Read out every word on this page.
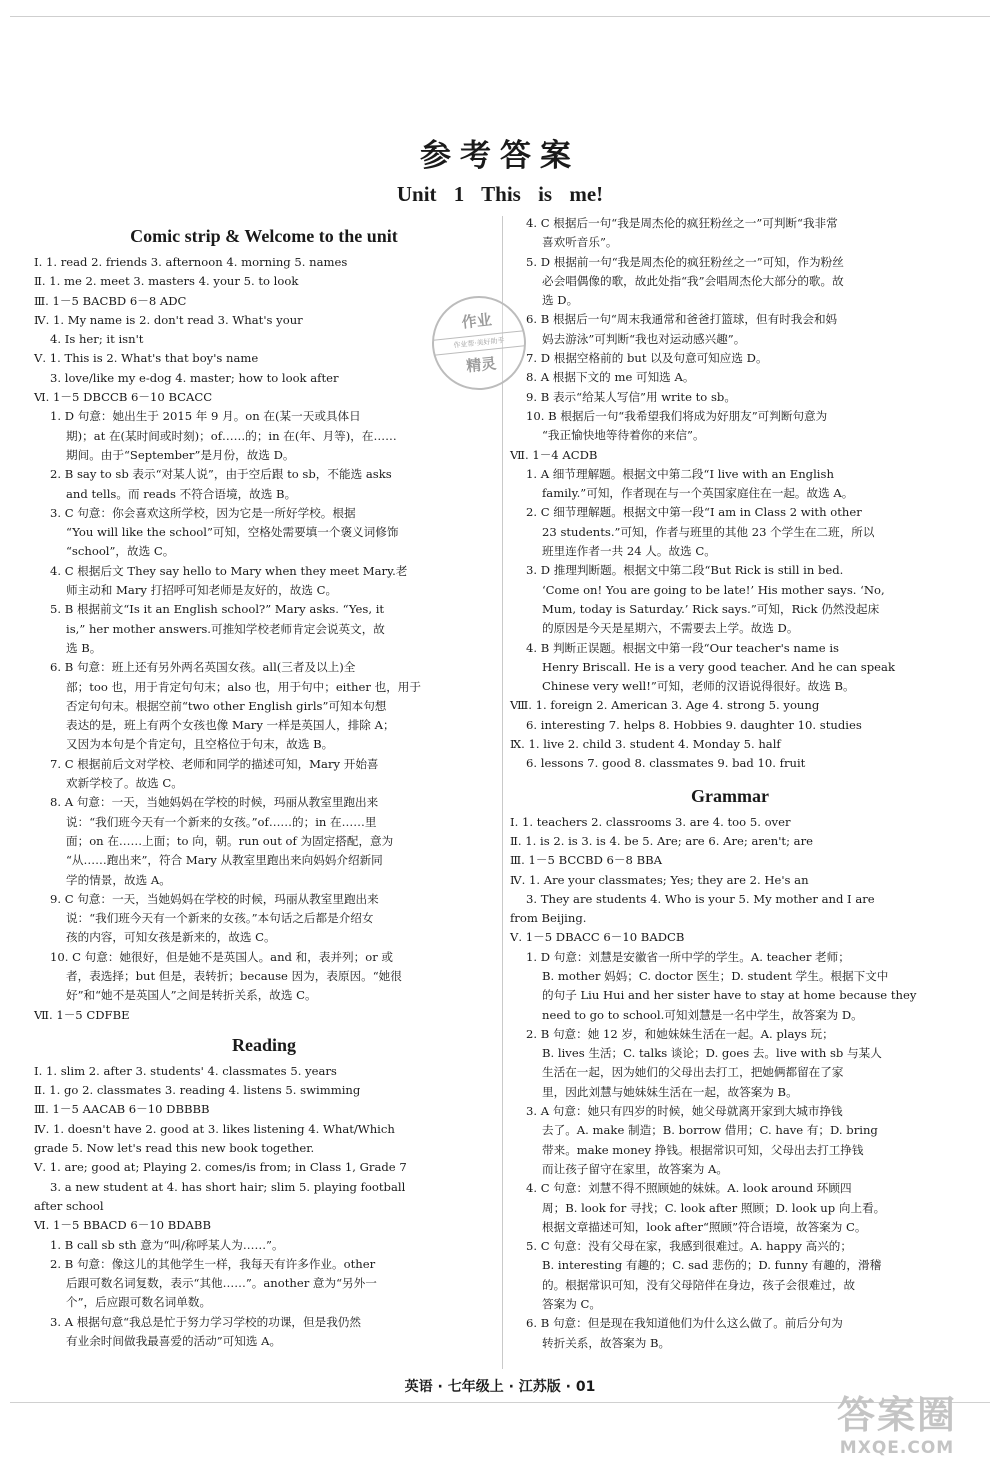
参考答案
Unit 1 This is me!
Comic strip & Welcome to the unit
Ⅰ. 1. read 2. friends 3. afternoon 4. morning 5. names
Ⅱ. 1. me 2. meet 3. masters 4. your 5. to look
Ⅲ. 1－5 BACBD 6－8 ADC
Ⅳ. 1. My name is 2. don't read 3. What's your
4. Is her; it isn't
Ⅴ. 1. This is 2. What's that boy's name
3. love/like my e-dog 4. master; how to look after
Ⅵ. 1－5 DBCCB 6－10 BCACC
1. D 句意：她出生于 2015 年 9 月。on 在(某一天或具体日
期)；at 在(某时间或时刻)；of……的；in 在(年、月等)，在……
期间。由于“September”是月份，故选 D。
2. B say to sb 表示“对某人说”，由于空后跟 to sb，不能选 asks
and tells。而 reads 不符合语境，故选 B。
3. C 句意：你会喜欢这所学校，因为它是一所好学校。根据
“You will like the school”可知，空格处需要填一个褒义词修饰
“school”，故选 C。
4. C 根据后文 They say hello to Mary when they meet Mary.老
师主动和 Mary 打招呼可知老师是友好的，故选 C。
5. B 根据前文“Is it an English school?” Mary asks. “Yes, it
is,” her mother answers.可推知学校老师肯定会说英文，故
选 B。
6. B 句意：班上还有另外两名英国女孩。all(三者及以上)全
部；too 也，用于肯定句句末；also 也，用于句中；either 也，用于
否定句句末。根据空前“two other English girls”可知本句想
表达的是，班上有两个女孩也像 Mary 一样是英国人，排除 A；
又因为本句是个肯定句，且空格位于句末，故选 B。
7. C 根据前后文对学校、老师和同学的描述可知，Mary 开始喜
欢新学校了。故选 C。
8. A 句意：一天，当她妈妈在学校的时候，玛丽从教室里跑出来
说：“我们班今天有一个新来的女孩。”of……的；in 在……里
面；on 在……上面；to 向，朝。run out of 为固定搭配，意为
“从……跑出来”，符合 Mary 从教室里跑出来向妈妈介绍新同
学的情景，故选 A。
9. C 句意：一天，当她妈妈在学校的时候，玛丽从教室里跑出来
说：“我们班今天有一个新来的女孩。”本句话之后都是介绍女
孩的内容，可知女孩是新来的，故选 C。
10. C 句意：她很好，但是她不是英国人。and 和，表并列；or 或
者，表选择；but 但是，表转折；because 因为，表原因。“她很
好”和“她不是英国人”之间是转折关系，故选 C。
Ⅶ. 1－5 CDFBE
Reading
Ⅰ. 1. slim 2. after 3. students' 4. classmates 5. years
Ⅱ. 1. go 2. classmates 3. reading 4. listens 5. swimming
Ⅲ. 1－5 AACAB 6－10 DBBBB
Ⅳ. 1. doesn't have 2. good at 3. likes listening 4. What/Which
grade 5. Now let's read this new book together.
Ⅴ. 1. are; good at; Playing 2. comes/is from; in Class 1, Grade 7
3. a new student at 4. has short hair; slim 5. playing football
after school
Ⅵ. 1－5 BBACD 6－10 BDABB
1. B call sb sth 意为“叫/称呼某人为……”。
2. B 句意：像这儿的其他学生一样，我每天有许多作业。other
后跟可数名词复数，表示“其他……”。another 意为“另外一
个”，后应跟可数名词单数。
3. A 根据句意“我总是忙于努力学习学校的功课，但是我仍然
有业余时间做我最喜爱的活动”可知选 A。
4. C 根据后一句“我是周杰伦的疯狂粉丝之一”可判断“我非常
喜欢听音乐”。
5. D 根据前一句“我是周杰伦的疯狂粉丝之一”可知，作为粉丝
必会唱偶像的歌，故此处指“我”会唱周杰伦大部分的歌。故
选 D。
6. B 根据后一句“周末我通常和爸爸打篮球，但有时我会和妈
妈去游泳”可判断“我也对运动感兴趣”。
7. D 根据空格前的 but 以及句意可知应选 D。
8. A 根据下文的 me 可知选 A。
9. B 表示“给某人写信”用 write to sb。
10. B 根据后一句“我希望我们将成为好朋友”可判断句意为
“我正愉快地等待着你的来信”。
Ⅶ. 1－4 ACDB
1. A 细节理解题。根据文中第二段“I live with an English
family.”可知，作者现在与一个英国家庭住在一起。故选 A。
2. C 细节理解题。根据文中第一段“I am in Class 2 with other
23 students.”可知，作者与班里的其他 23 个学生在二班，所以
班里连作者一共 24 人。故选 C。
3. D 推理判断题。根据文中第二段“But Rick is still in bed.
‘Come on! You are going to be late!’ His mother says. ‘No,
Mum, today is Saturday.’ Rick says.”可知，Rick 仍然没起床
的原因是今天是星期六，不需要去上学。故选 D。
4. B 判断正误题。根据文中第一段“Our teacher's name is
Henry Briscall. He is a very good teacher. And he can speak
Chinese very well!”可知，老师的汉语说得很好。故选 B。
Ⅷ. 1. foreign 2. American 3. Age 4. strong 5. young
6. interesting 7. helps 8. Hobbies 9. daughter 10. studies
Ⅸ. 1. live 2. child 3. student 4. Monday 5. half
6. lessons 7. good 8. classmates 9. bad 10. fruit
Grammar
Ⅰ. 1. teachers 2. classrooms 3. are 4. too 5. over
Ⅱ. 1. is 2. is 3. is 4. be 5. Are; are 6. Are; aren't; are
Ⅲ. 1－5 BCCBD 6－8 BBA
Ⅳ. 1. Are your classmates; Yes; they are 2. He's an
3. They are students 4. Who is your 5. My mother and I are
from Beijing.
Ⅴ. 1－5 DBACC 6－10 BADCB
1. D 句意：刘慧是安徽省一所中学的学生。A. teacher 老师；
B. mother 妈妈；C. doctor 医生；D. student 学生。根据下文中
的句子 Liu Hui and her sister have to stay at home because they
need to go to school.可知刘慧是一名中学生，故答案为 D。
2. B 句意：她 12 岁，和她妹妹生活在一起。A. plays 玩；
B. lives 生活；C. talks 谈论；D. goes 去。live with sb 与某人
生活在一起，因为她们的父母出去打工，把她俩都留在了家
里，因此刘慧与她妹妹生活在一起，故答案为 B。
3. A 句意：她只有四岁的时候，她父母就离开家到大城市挣钱
去了。A. make 制造；B. borrow 借用；C. have 有；D. bring
带来。make money 挣钱。根据常识可知，父母出去打工挣钱
而让孩子留守在家里，故答案为 A。
4. C 句意：刘慧不得不照顾她的妹妹。A. look around 环顾四
周；B. look for 寻找；C. look after 照顾；D. look up 向上看。
根据文章描述可知，look after“照顾”符合语境，故答案为 C。
5. C 句意：没有父母在家，我感到很难过。A. happy 高兴的；
B. interesting 有趣的；C. sad 悲伤的；D. funny 有趣的，滑稽
的。根据常识可知，没有父母陪伴在身边，孩子会很难过，故
答案为 C。
6. B 句意：但是现在我知道他们为什么这么做了。前后分句为
转折关系，故答案为 B。
作业
作业帮·美好助手
精灵
英语 · 七年级上 · 江苏版 · 01
答案圈
MXQE.COM
